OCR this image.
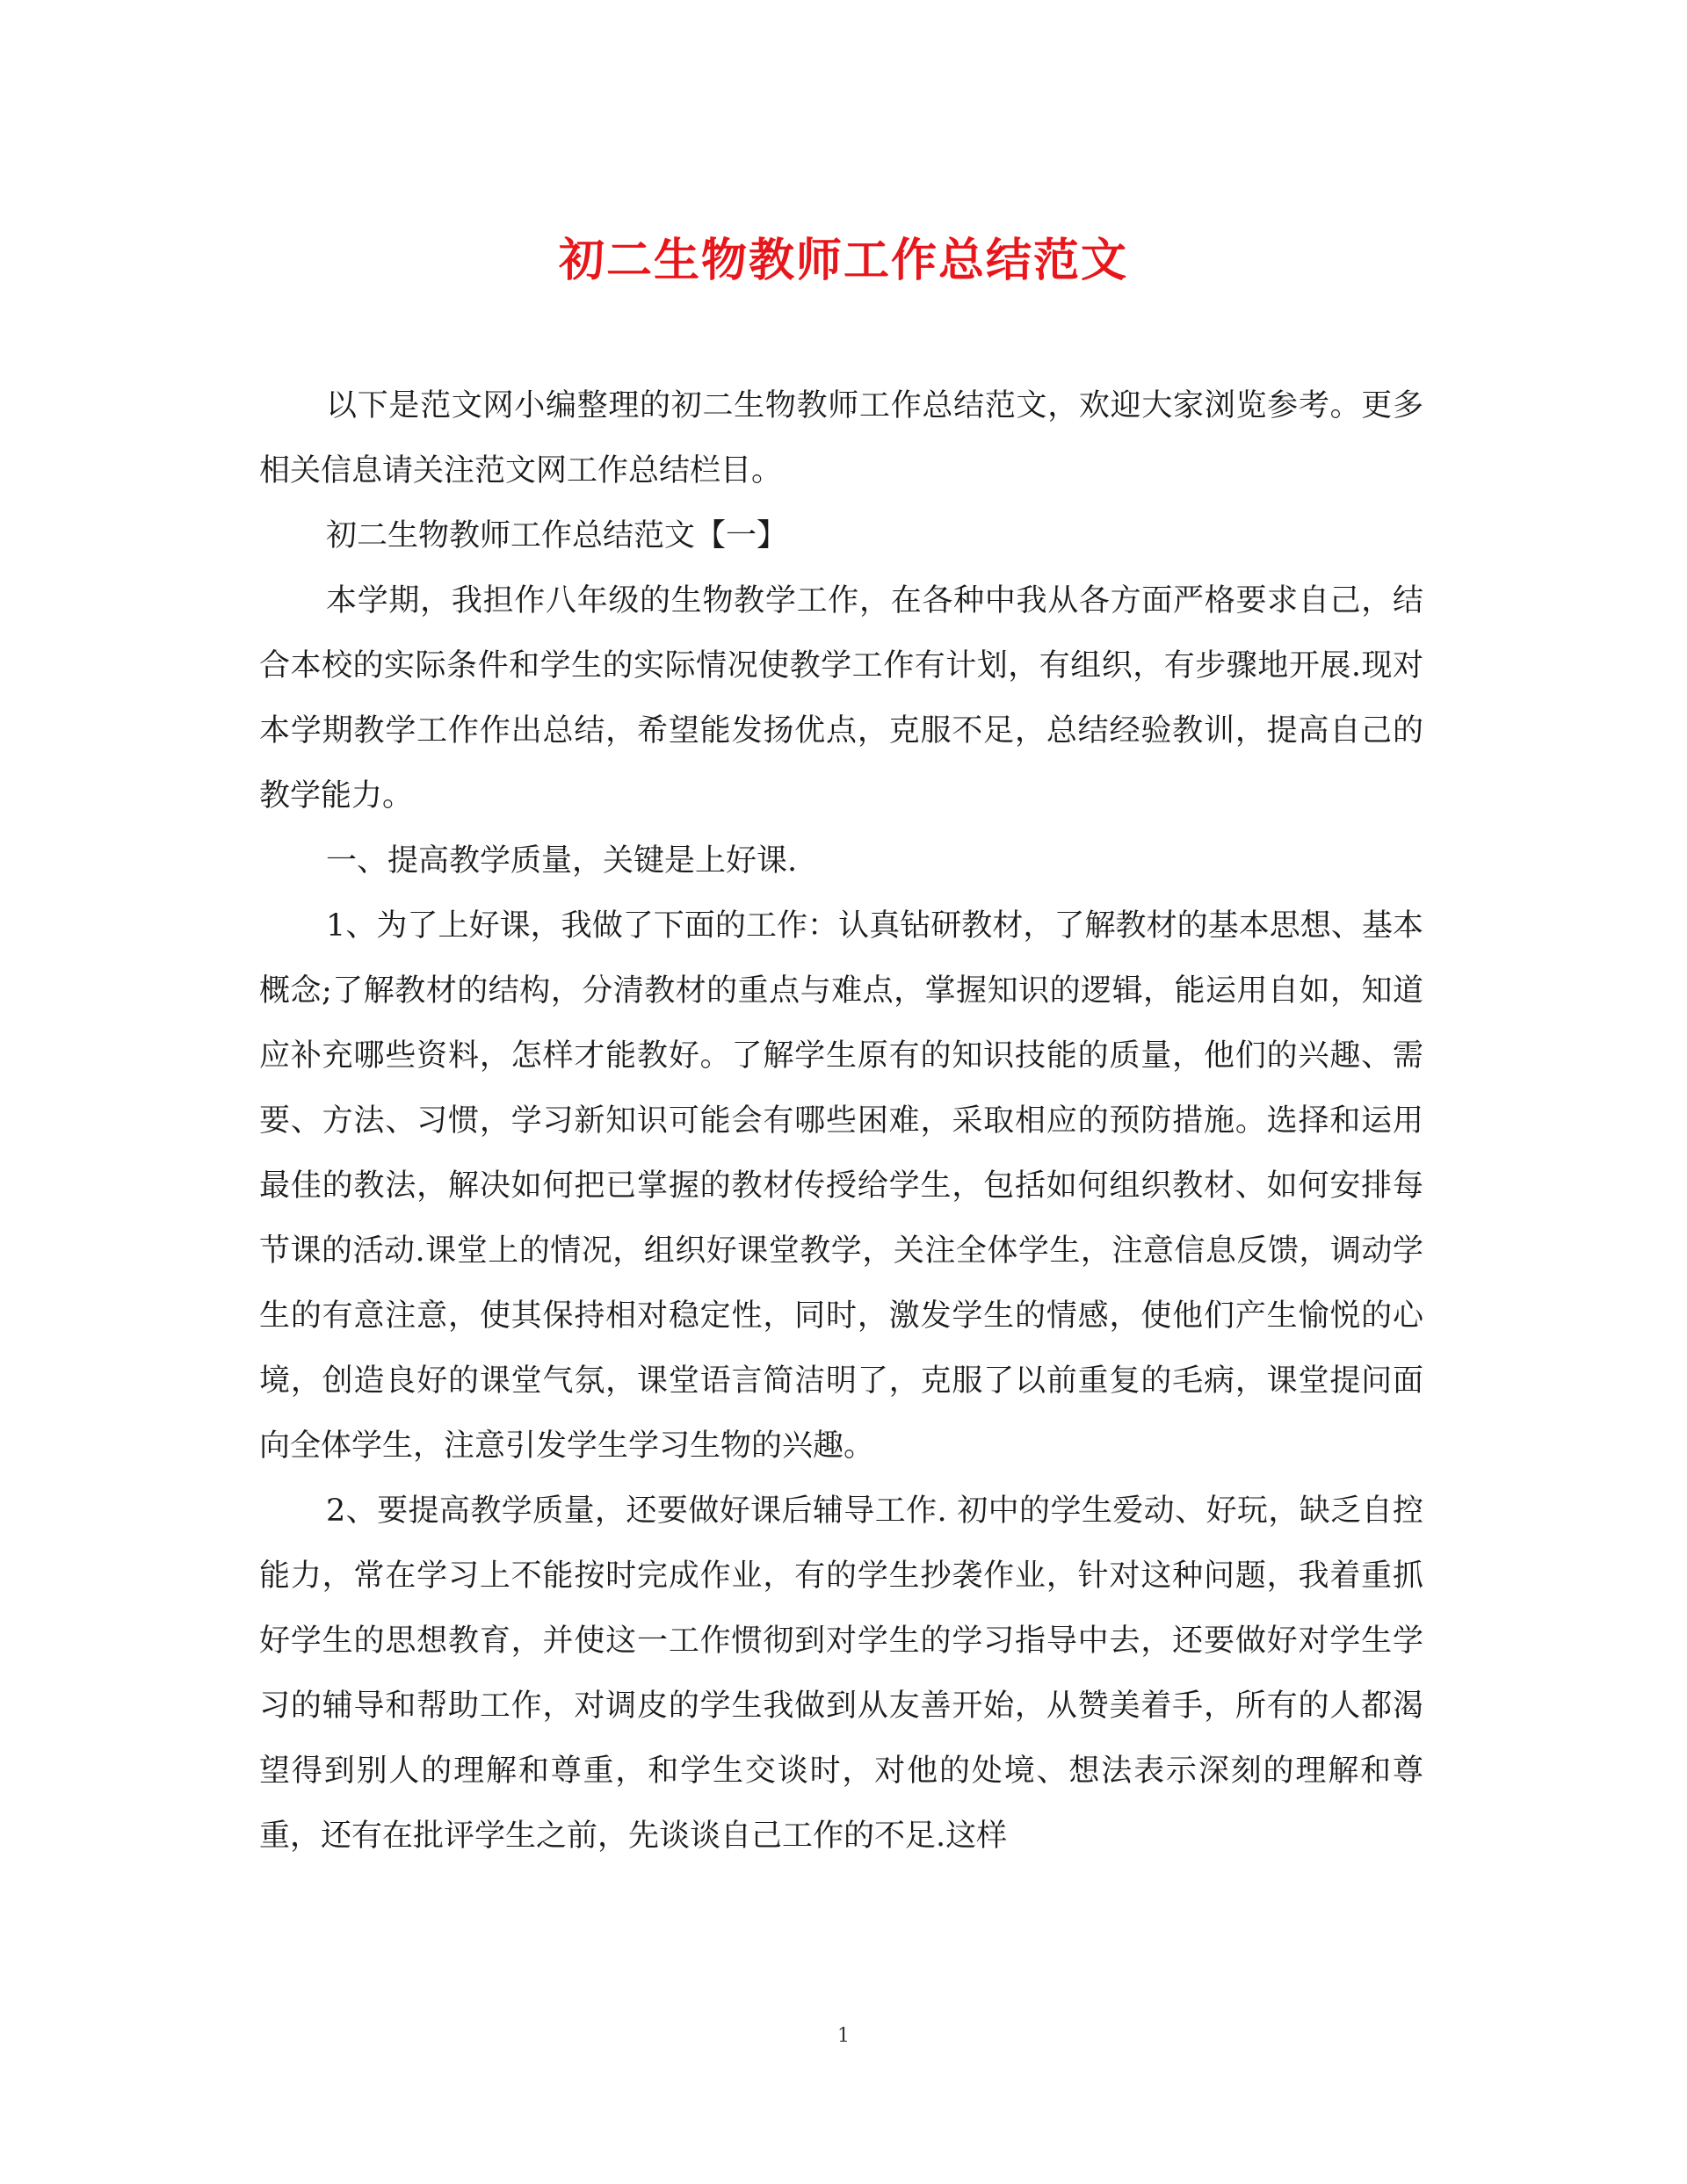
初二生物教师工作总结范文

以下是范文网小编整理的初二生物教师工作总结范文，欢迎大家浏览参考。更多相关信息请关注范文网工作总结栏目。

初二生物教师工作总结范文【一】

本学期，我担作八年级的生物教学工作，在各种中我从各方面严格要求自己，结合本校的实际条件和学生的实际情况使教学工作有计划，有组织，有步骤地开展.现对本学期教学工作作出总结，希望能发扬优点，克服不足，总结经验教训，提高自己的教学能力。

一、提高教学质量，关键是上好课.

1、为了上好课，我做了下面的工作：认真钻研教材，了解教材的基本思想、基本概念;了解教材的结构，分清教材的重点与难点，掌握知识的逻辑，能运用自如，知道应补充哪些资料，怎样才能教好。了解学生原有的知识技能的质量，他们的兴趣、需要、方法、习惯，学习新知识可能会有哪些困难，采取相应的预防措施。选择和运用最佳的教法，解决如何把已掌握的教材传授给学生，包括如何组织教材、如何安排每节课的活动.课堂上的情况，组织好课堂教学，关注全体学生，注意信息反馈，调动学生的有意注意，使其保持相对稳定性，同时，激发学生的情感，使他们产生愉悦的心境，创造良好的课堂气氛，课堂语言简洁明了，克服了以前重复的毛病，课堂提问面向全体学生，注意引发学生学习生物的兴趣。

2、要提高教学质量，还要做好课后辅导工作. 初中的学生爱动、好玩，缺乏自控能力，常在学习上不能按时完成作业，有的学生抄袭作业，针对这种问题，我着重抓好学生的思想教育，并使这一工作惯彻到对学生的学习指导中去，还要做好对学生学习的辅导和帮助工作，对调皮的学生我做到从友善开始，从赞美着手，所有的人都渴望得到别人的理解和尊重，和学生交谈时，对他的处境、想法表示深刻的理解和尊重，还有在批评学生之前，先谈谈自己工作的不足.这样

1
